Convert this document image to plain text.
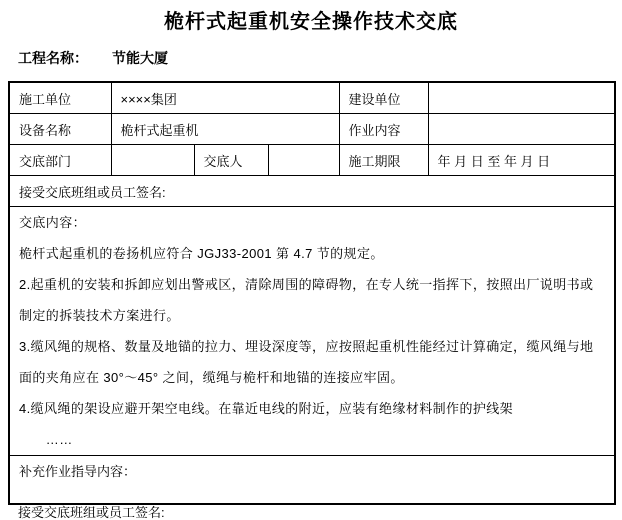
桅杆式起重机安全操作技术交底
工程名称： 节能大厦
施工单位	××××集团			建设单位	
设备名称	桅杆式起重机			作业内容	
交底部门		交底人		施工期限	年 月 日 至 年 月 日
接受交底班组或员工签名:					

交底内容：
桅杆式起重机的卷扬机应符合 JGJ33-2001 第 4.7 节的规定。
2.起重机的安装和拆卸应划出警戒区，清除周围的障碍物，在专人统一指挥下，按照出厂说明书或
制定的拆装技术方案进行。
3.缆风绳的规格、数量及地锚的拉力、埋设深度等，应按照起重机性能经过计算确定，缆风绳与地
面的夹角应在 30°～45° 之间，缆绳与桅杆和地锚的连接应牢固。
4.缆风绳的架设应避开架空电线。在靠近电线的附近，应装有绝缘材料制作的护线架
　　……

补充作业指导内容：					
接受交底班组或员工签名:
